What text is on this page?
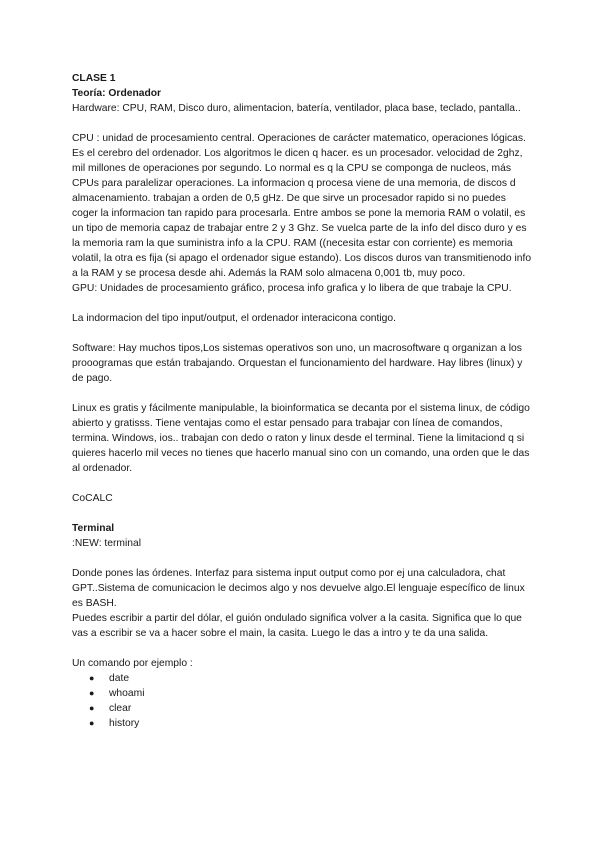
CLASE 1

Teoría: Ordenador

Hardware: CPU, RAM, Disco duro, alimentacion, batería, ventilador, placa base, teclado, pantalla..

CPU : unidad de procesamiento central. Operaciones de carácter matematico, operaciones lógicas. Es el cerebro del ordenador. Los algoritmos le dicen q hacer. es un procesador. velocidad de 2ghz, mil millones de operaciones por segundo. Lo normal es q la CPU se componga de nucleos, más CPUs para paralelizar operaciones. La informacion q procesa viene de una memoria, de discos d almacenamiento. trabajan a orden de 0,5 gHz. De que sirve un procesador rapido si no puedes coger la informacion tan rapido para procesarla. Entre ambos se pone la memoria RAM o volatil, es un tipo de memoria capaz de trabajar entre 2 y 3 Ghz. Se vuelca parte de la info del disco duro y es la memoria ram la que suministra info a la CPU. RAM ((necesita estar con corriente) es memoria volatil, la otra es fija (si apago el ordenador sigue estando). Los discos duros van transmitienodo info a la RAM y se procesa desde ahi. Además la RAM solo almacena 0,001 tb, muy poco.

GPU: Unidades de procesamiento gráfico, procesa info grafica y lo libera de que trabaje la CPU.

La indormacion del tipo input/output, el ordenador interacicona contigo.

Software: Hay muchos tipos,Los sistemas operativos son uno, un macrosoftware q organizan a los prooogramas que están trabajando. Orquestan el funcionamiento del hardware. Hay libres (linux) y de pago.

Linux es gratis y fácilmente manipulable, la bioinformatica se decanta por el sistema linux, de código abierto y gratisss. Tiene ventajas como el estar pensado para trabajar con línea de comandos, termina. Windows, ios.. trabajan con dedo o raton y linux desde el terminal. Tiene la limitaciond q si quieres hacerlo mil veces no tienes que hacerlo manual sino con un comando, una orden que le das al ordenador.

CoCALC

Terminal

:NEW: terminal

Donde pones las órdenes. Interfaz para sistema input output como por ej una calculadora, chat GPT..Sistema de comunicacion le decimos algo y nos devuelve algo.El lenguaje específico de linux es BASH.

Puedes escribir a partir del dólar, el guión ondulado significa volver a la casita. Significa que lo que vas a escribir se va a hacer sobre el main, la casita. Luego le das a intro y te da una salida.

Un comando por ejemplo :

● date
● whoami
● clear
● history
